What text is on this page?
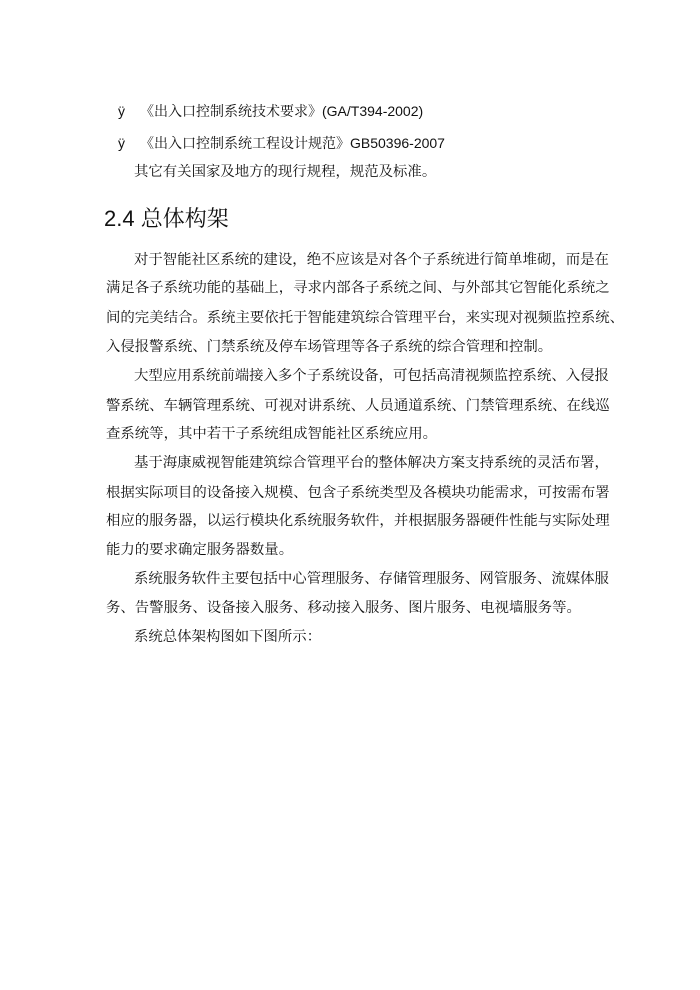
ÿ 《出入口控制系统技术要求》(GA/T394-2002)
ÿ 《出入口控制系统工程设计规范》GB50396-2007
其它有关国家及地方的现行规程，规范及标准。
2.4 总体构架
对于智能社区系统的建设，绝不应该是对各个子系统进行简单堆砌，而是在
满足各子系统功能的基础上，寻求内部各子系统之间、与外部其它智能化系统之
间的完美结合。系统主要依托于智能建筑综合管理平台，来实现对视频监控系统、
入侵报警系统、门禁系统及停车场管理等各子系统的综合管理和控制。
大型应用系统前端接入多个子系统设备，可包括高清视频监控系统、入侵报
警系统、车辆管理系统、可视对讲系统、人员通道系统、门禁管理系统、在线巡
查系统等，其中若干子系统组成智能社区系统应用。
基于海康威视智能建筑综合管理平台的整体解决方案支持系统的灵活布署，
根据实际项目的设备接入规模、包含子系统类型及各模块功能需求，可按需布署
相应的服务器，以运行模块化系统服务软件，并根据服务器硬件性能与实际处理
能力的要求确定服务器数量。
系统服务软件主要包括中心管理服务、存储管理服务、网管服务、流媒体服
务、告警服务、设备接入服务、移动接入服务、图片服务、电视墙服务等。
系统总体架构图如下图所示：
